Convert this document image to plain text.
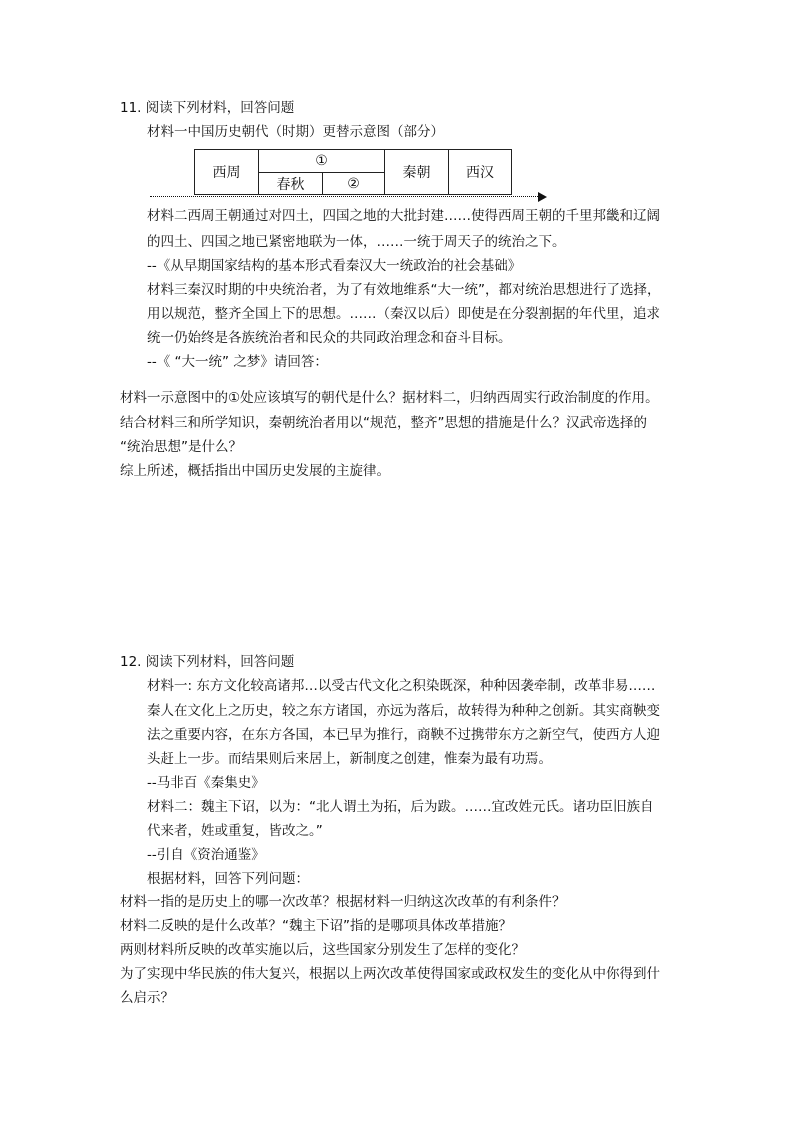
11. 阅读下列材料，回答问题
材料一中国历史朝代（时期）更替示意图（部分）
西周
①
春秋	②
秦朝	西汉
材料二西周王朝通过对四土，四国之地的大批封建……使得西周王朝的千里邦畿和辽阔
的四土、四国之地已紧密地联为一体，……一统于周天子的统治之下。
--《从早期国家结构的基本形式看秦汉大一统政治的社会基础》
材料三秦汉时期的中央统治者，为了有效地维系“大一统”，都对统治思想进行了选择，
用以规范，整齐全国上下的思想。……（秦汉以后）即使是在分裂割据的年代里，追求
统一仍始终是各族统治者和民众的共同政治理念和奋斗目标。
--《 “大一统” 之梦》请回答：
材料一示意图中的①处应该填写的朝代是什么？据材料二，归纳西周实行政治制度的作用。
结合材料三和所学知识，秦朝统治者用以“规范，整齐”思想的措施是什么？汉武帝选择的
“统治思想”是什么？
综上所述，概括指出中国历史发展的主旋律。
12. 阅读下列材料，回答问题
材料一: 东方文化较高诸邦…以受古代文化之积染既深，种种因袭牵制，改革非易……
秦人在文化上之历史，较之东方诸国，亦远为落后，故转得为种种之创新。其实商鞅变
法之重要内容，在东方各国，本已早为推行，商鞅不过携带东方之新空气，使西方人迎
头赶上一步。而结果则后来居上，新制度之创建，惟秦为最有功焉。
--马非百《秦集史》
材料二：魏主下诏，以为：“北人谓土为拓，后为跋。……宜改姓元氏。诸功臣旧族自
代来者，姓或重复，皆改之。”
--引自《资治通鉴》
根据材料，回答下列问题：
材料一指的是历史上的哪一次改革？根据材料一归纳这次改革的有利条件？
材料二反映的是什么改革？“魏主下诏”指的是哪项具体改革措施？
两则材料所反映的改革实施以后，这些国家分别发生了怎样的变化？
为了实现中华民族的伟大复兴，根据以上两次改革使得国家或政权发生的变化从中你得到什
么启示？
